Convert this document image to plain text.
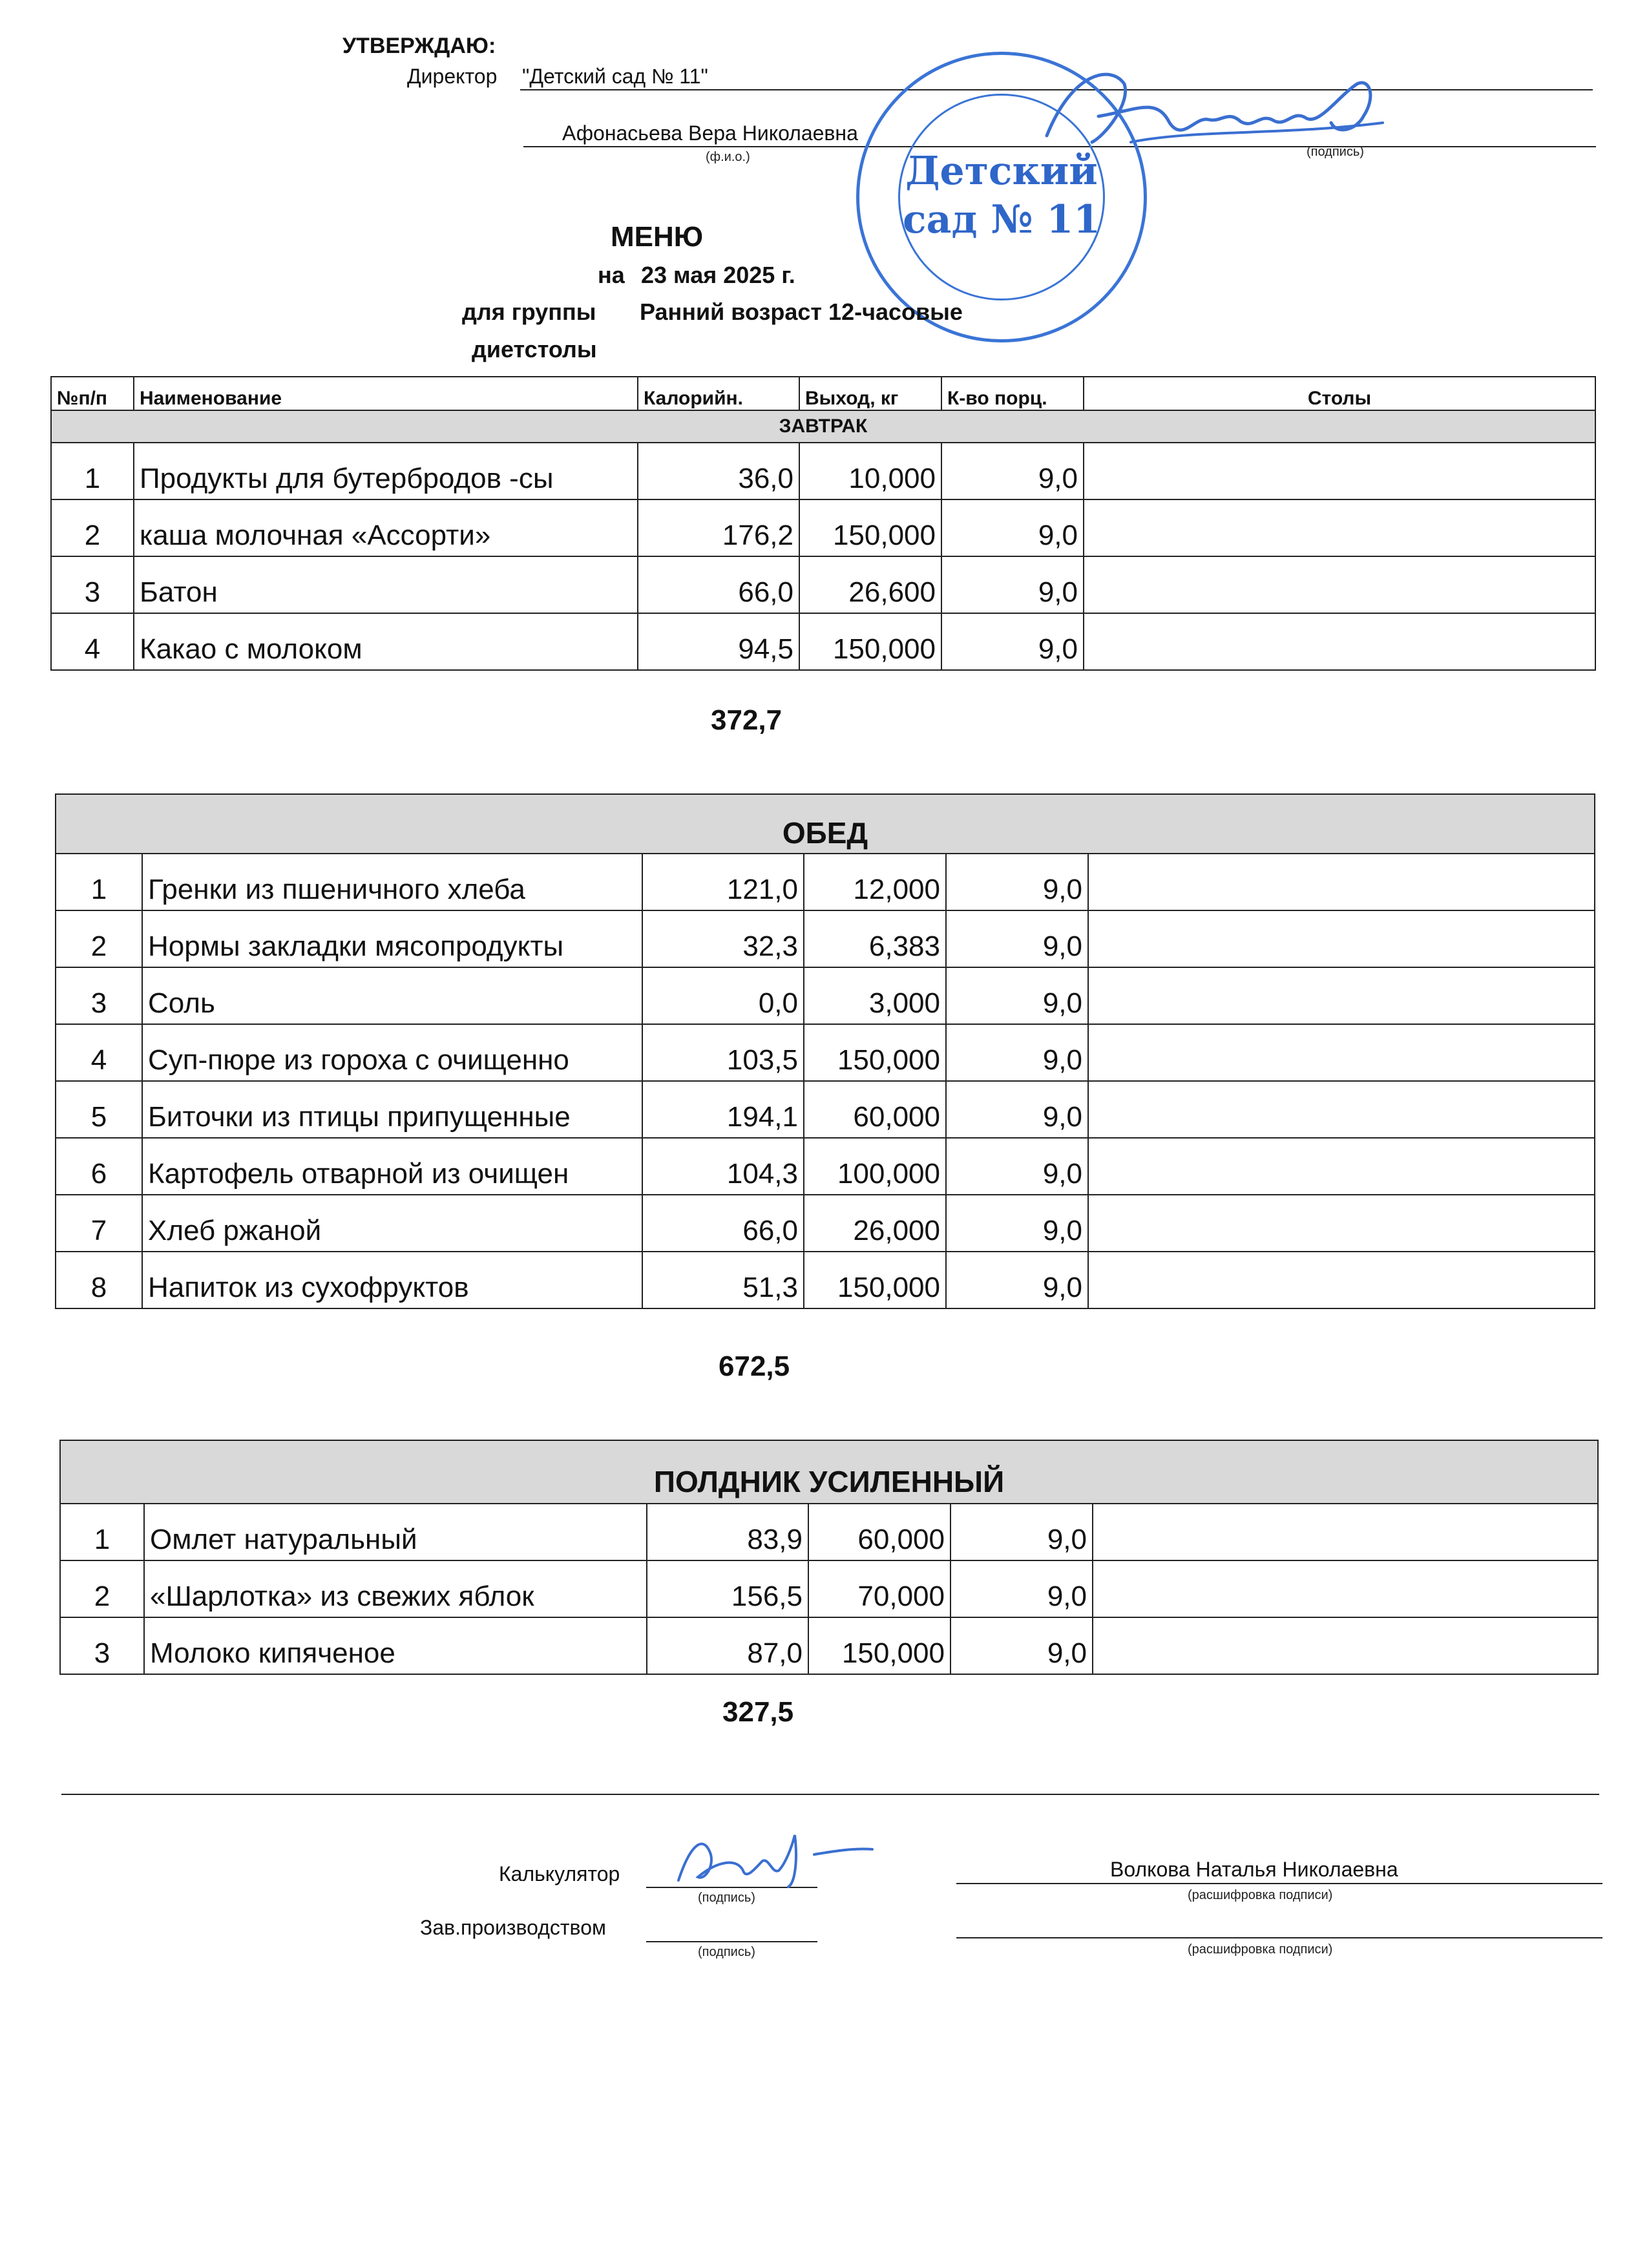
УТВЕРЖДАЮ:
Директор "Детский сад № 11"
Афонасьева Вера Николаевна
(ф.и.о.)	(подпись)
Детский
сад № 11
МЕНЮ
на 23 мая 2025 г.
для группы Ранний возраст 12-часовые
диетстолы
№п/п	Наименование	Калорийн.	Выход, кг	К-во порц.	Столы
ЗАВТРАК					
1	Продукты для бутербродов -сы	36,0	10,000	9,0	
2	каша молочная «Ассорти»	176,2	150,000	9,0	
3	Батон	66,0	26,600	9,0	
4	Какао с молоком	94,5	150,000	9,0	
372,7
ОБЕД					
1	Гренки из пшеничного хлеба	121,0	12,000	9,0	
2	Нормы закладки мясопродукты	32,3	6,383	9,0	
3	Соль	0,0	3,000	9,0	
4	Суп-пюре из гороха с очищенно	103,5	150,000	9,0	
5	Биточки из птицы припущенные	194,1	60,000	9,0	
6	Картофель отварной из очищен	104,3	100,000	9,0	
7	Хлеб ржаной	66,0	26,000	9,0	
8	Напиток из сухофруктов	51,3	150,000	9,0	
672,5
ПОЛДНИК УСИЛЕННЫЙ					
1	Омлет натуральный	83,9	60,000	9,0	
2	«Шарлотка» из свежих яблок	156,5	70,000	9,0	
3	Молоко кипяченое	87,0	150,000	9,0	
327,5
Калькулятор
(подпись)
Волкова Наталья Николаевна
(расшифровка подписи)
Зав.производством
(подпись)	(расшифровка подписи)
